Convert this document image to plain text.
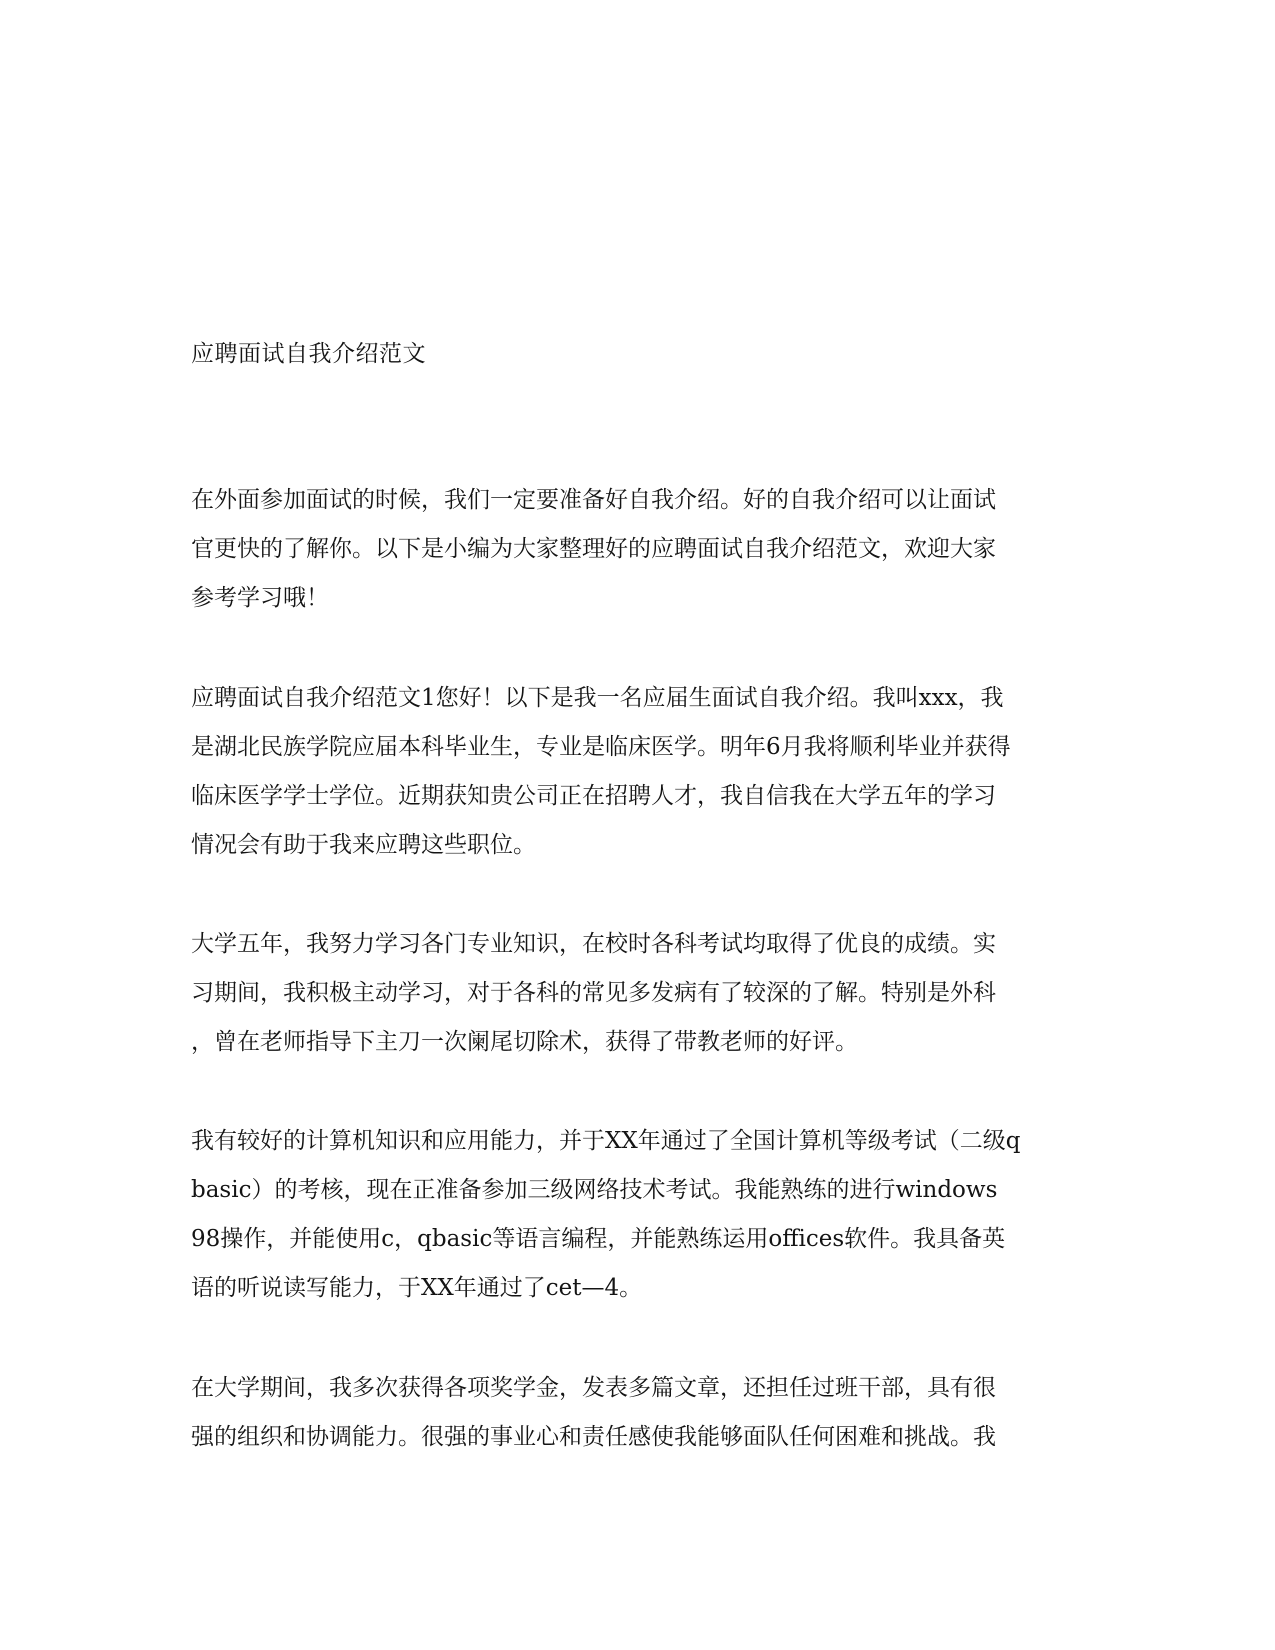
应聘面试自我介绍范文
在外面参加面试的时候，我们一定要准备好自我介绍。好的自我介绍可以让面试
官更快的了解你。以下是小编为大家整理好的应聘面试自我介绍范文，欢迎大家
参考学习哦！
应聘面试自我介绍范文1您好！以下是我一名应届生面试自我介绍。我叫xxx，我
是湖北民族学院应届本科毕业生，专业是临床医学。明年6月我将顺利毕业并获得
临床医学学士学位。近期获知贵公司正在招聘人才，我自信我在大学五年的学习
情况会有助于我来应聘这些职位。
大学五年，我努力学习各门专业知识，在校时各科考试均取得了优良的成绩。实
习期间，我积极主动学习，对于各科的常见多发病有了较深的了解。特别是外科
，曾在老师指导下主刀一次阑尾切除术，获得了带教老师的好评。
我有较好的计算机知识和应用能力，并于XX年通过了全国计算机等级考试（二级q
basic）的考核，现在正准备参加三级网络技术考试。我能熟练的进行windows
98操作，并能使用c，qbasic等语言编程，并能熟练运用offices软件。我具备英
语的听说读写能力，于XX年通过了cet—4。
在大学期间，我多次获得各项奖学金，发表多篇文章，还担任过班干部，具有很
强的组织和协调能力。很强的事业心和责任感使我能够面队任何困难和挑战。我
